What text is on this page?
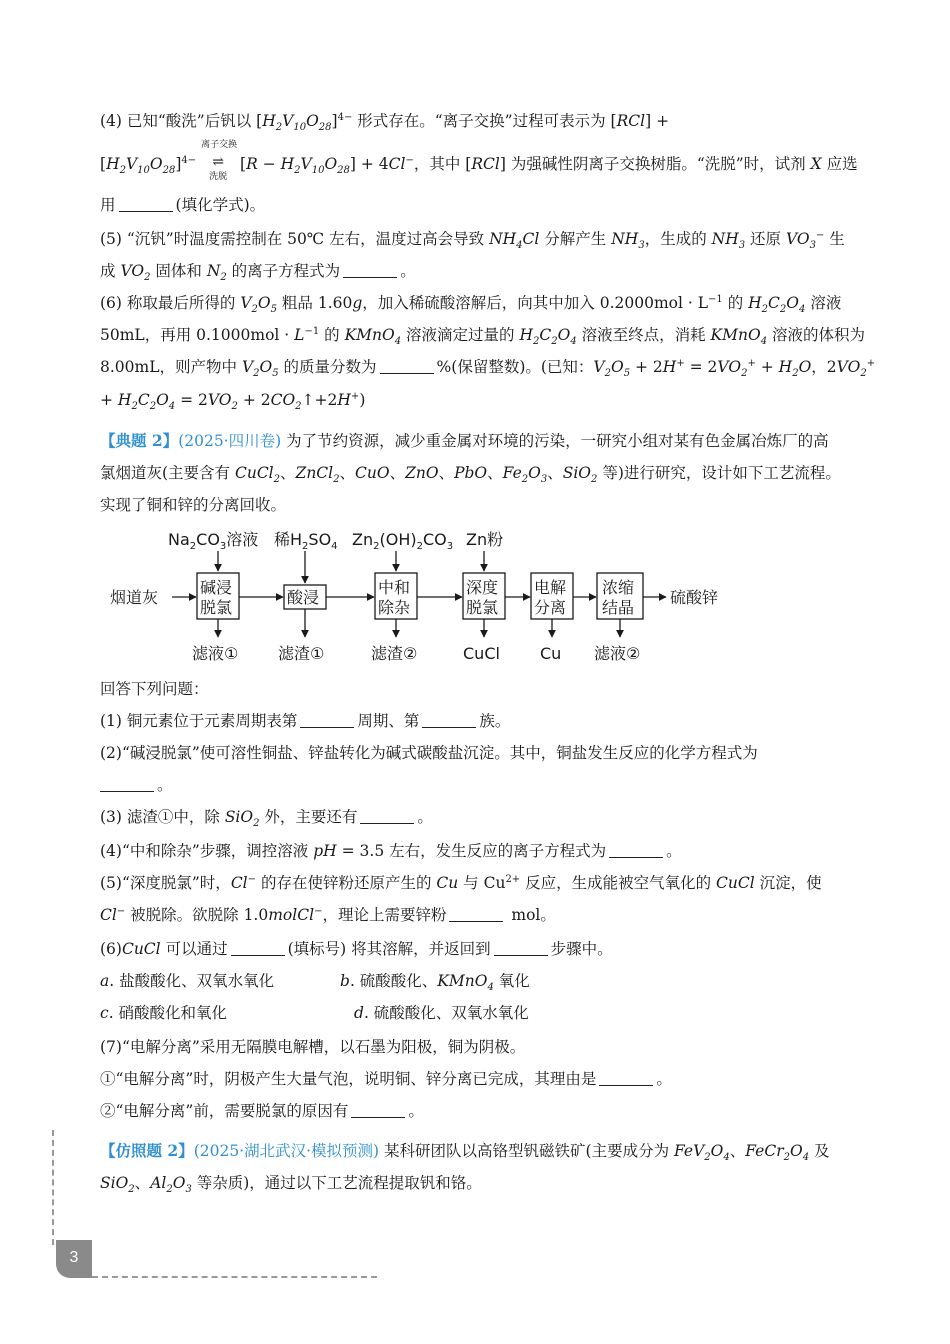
(4) 已知“酸洗”后钒以 $[H_2V_{10}O_{28}]^{4-}$ 形式存在。“离子交换”过程可表示为 [RCl] +
$[H_2V_{10}O_{28}]^{4-}$
离子交换
⇌
洗脱
$[R - H_2V_{10}O_{28}] + 4Cl^-$，其中 [RCl] 为强碱性阴离子交换树脂。“洗脱”时，试剂 X 应选
用	(填化学式)。
(5) “沉钒”时温度需控制在 50℃ 左右，温度过高会导致 $NH_4Cl$ 分解产生 $NH_3$，生成的 $NH_3$ 还原 $VO_3^-$ 生
成 $VO_2$ 固体和 $N_2$ 的离子方程式为	。
(6) 称取最后所得的 $V_2O_5$ 粗品 1.60g，加入稀硫酸溶解后，向其中加入 $0.2000mol \cdot L^{-1}$ 的 $H_2C_2O_4$ 溶液
50mL，再用 $0.1000mol \cdot L^{-1}$ 的 KMnO$_4$ 溶液滴定过量的 $H_2C_2O_4$ 溶液至终点，消耗 KMnO$_4$ 溶液的体积为
8.00mL，则产物中 $V_2O_5$ 的质量分数为	%(保留整数)。(已知：$V_2O_5 + 2H^+ = 2VO_2^+ + H_2O$，$2VO_2^+$
+ $H_2C_2O_4 = 2VO_2$ + $2CO_2↑+2H^+$)
【典题 2】(2025·四川卷) 为了节约资源，减少重金属对环境的污染，一研究小组对某有色金属冶炼厂的高
氯烟道灰(主要含有 CuCl$_2$、ZnCl$_2$、CuO、ZnO、PbO、$Fe_2O_3$、SiO$_2$ 等)进行研究，设计如下工艺流程。
实现了铜和锌的分离回收。
$Na_2CO_3$溶液 稀$H_2SO_4$ $Zn_2(OH)_2CO_3$ Zn粉
烟道灰
碱浸
脱氯
酸浸
中和
除杂
深度
脱氯
电解
分离
浓缩
结晶
硫酸锌
滤液① 滤渣①	滤渣②	CuCl	Cu 滤液②
回答下列问题：
(1) 铜元素位于元素周期表第	周期、第	族。
(2)“碱浸脱氯”使可溶性铜盐、锌盐转化为碱式碳酸盐沉淀。其中，铜盐发生反应的化学方程式为
。
(3) 滤渣①中，除 SiO$_2$ 外，主要还有	。
(4)“中和除杂”步骤，调控溶液 pH = 3.5 左右，发生反应的离子方程式为	。
(5)“深度脱氯”时，Cl− 的存在使锌粉还原产生的 Cu 与 $Cu^{2+}$ 反应，生成能被空气氧化的 CuCl 沉淀，使
Cl− 被脱除。欲脱除 1.0molCl−，理论上需要锌粉	mol。
(6)CuCl 可以通过	(填标号) 将其溶解，并返回到	步骤中。
a. 盐酸酸化、双氧水氧化	b. 硫酸酸化、KMnO$_4$ 氧化
c. 硝酸酸化和氧化	d. 硫酸酸化、双氧水氧化
(7)“电解分离”采用无隔膜电解槽，以石墨为阳极，铜为阴极。
①“电解分离”时，阴极产生大量气泡，说明铜、锌分离已完成，其理由是	。
②“电解分离”前，需要脱氯的原因有	。
【仿照题 2】(2025·湖北武汉·模拟预测) 某科研团队以高铬型钒磁铁矿(主要成分为 $FeV_2O_4$、$FeCr_2O_4$ 及
SiO$_2$、$Al_2O_3$ 等杂质)，通过以下工艺流程提取钒和铬。
3
